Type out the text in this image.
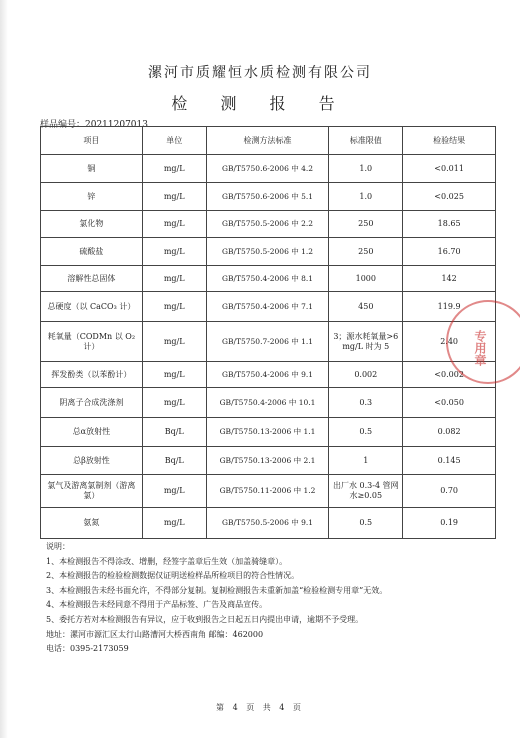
漯河市质耀恒水质检测有限公司
检 测 报 告
样品编号：20211207013
项目	单位	检测方法标准	标准限值	检验结果
铜	mg/L	GB/T5750.6-2006 中 4.2	1.0	<0.011
锌	mg/L	GB/T5750.6-2006 中 5.1	1.0	<0.025
氯化物	mg/L	GB/T5750.5-2006 中 2.2	250	18.65
硫酸盐	mg/L	GB/T5750.5-2006 中 1.2	250	16.70
溶解性总固体	mg/L	GB/T5750.4-2006 中 8.1	1000	142
总硬度（以 CaCO₃ 计）	mg/L	GB/T5750.4-2006 中 7.1	450	119.9
耗氧量（CODMn 以 O₂ 计）	mg/L	GB/T5750.7-2006 中 1.1	3；源水耗氧量>6 mg/L 时为 5	2.40
挥发酚类（以苯酚计）	mg/L	GB/T5750.4-2006 中 9.1	0.002	<0.002
阴离子合成洗涤剂	mg/L	GB/T5750.4-2006 中 10.1	0.3	<0.050
总α放射性	Bq/L	GB/T5750.13-2006 中 1.1	0.5	0.082
总β放射性	Bq/L	GB/T5750.13-2006 中 2.1	1	0.145
氯气及游离氯制剂（游离氯）	mg/L	GB/T5750.11-2006 中 1.2	出厂水 0.3-4 管网水≥0.05	0.70
氨氮	mg/L	GB/T5750.5-2006 中 9.1	0.5	0.19
专用章
说明：
1、本检测报告不得涂改、增删，经签字盖章后生效（加盖骑缝章）。
2、本检测报告的检验检测数据仅证明送检样品所检项目的符合性情况。
3、本检测报告未经书面允许，不得部分复制。复制检测报告未重新加盖“检验检测专用章”无效。
4、本检测报告未经同意不得用于产品标签、广告及商品宣传。
5、委托方若对本检测报告有异议，应于收到报告之日起五日内提出申请，逾期不予受理。
地址：漯河市源汇区太行山路漕河大桥西南角 邮编：462000
电话：0395-2173059
第 4 页 共 4 页
